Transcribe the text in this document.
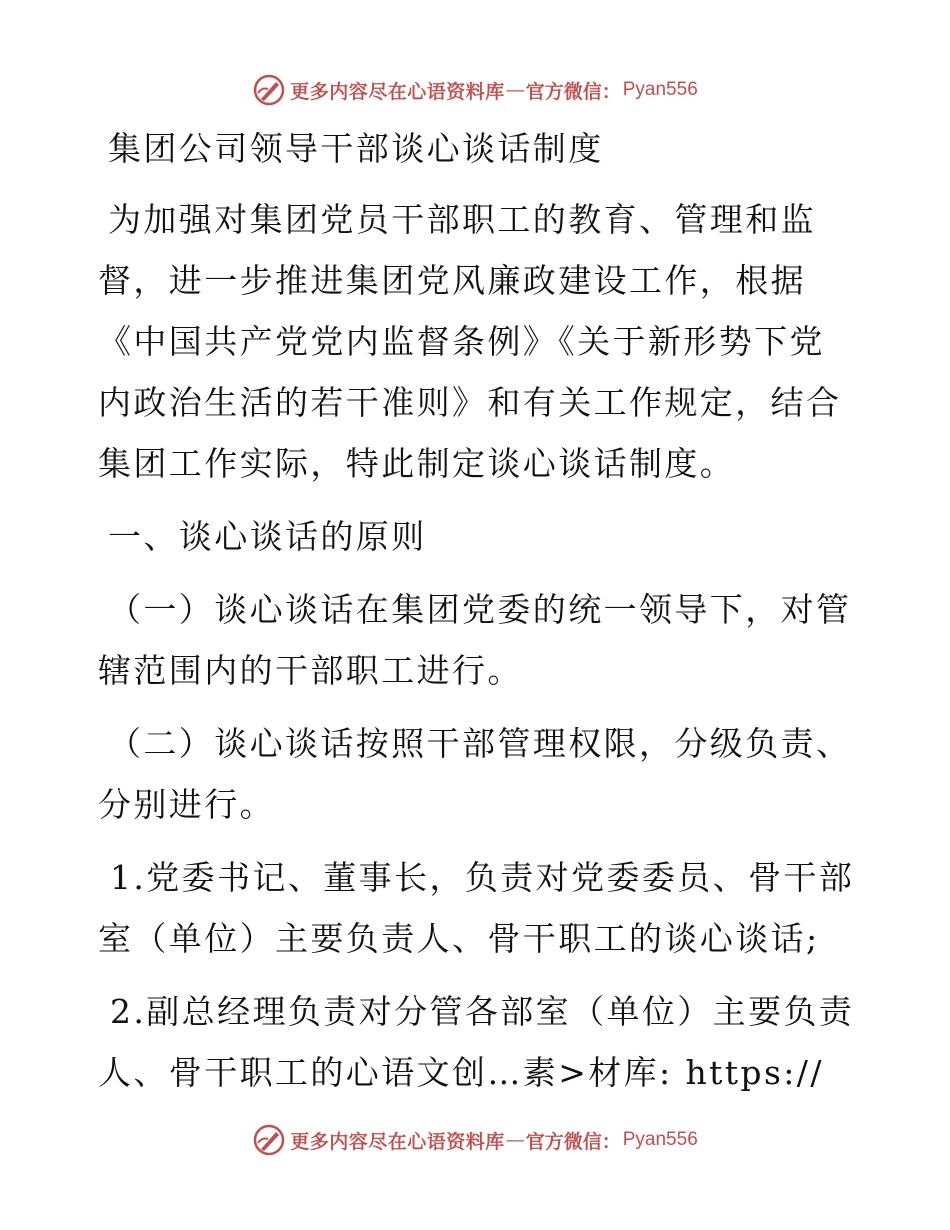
更多内容尽在心语资料库 — 官方微信： Pyan556

集团公司领导干部谈心谈话制度

为加强对集团党员干部职工的教育、管理和监督，进一步推进集团党风廉政建设工作，根据《中国共产党党内监督条例》《关于新形势下党内政治生活的若干准则》和有关工作规定，结合集团工作实际，特此制定谈心谈话制度。

一、谈心谈话的原则

（一）谈心谈话在集团党委的统一领导下，对管辖范围内的干部职工进行。

（二）谈心谈话按照干部管理权限，分级负责、分别进行。

1.党委书记、董事长，负责对党委委员、骨干部室（单位）主要负责人、骨干职工的谈心谈话;

2.副总经理负责对分管各部室（单位）主要负责人、骨干职工的心语文创…素>材库: https://

更多内容尽在心语资料库 — 官方微信： Pyan556
